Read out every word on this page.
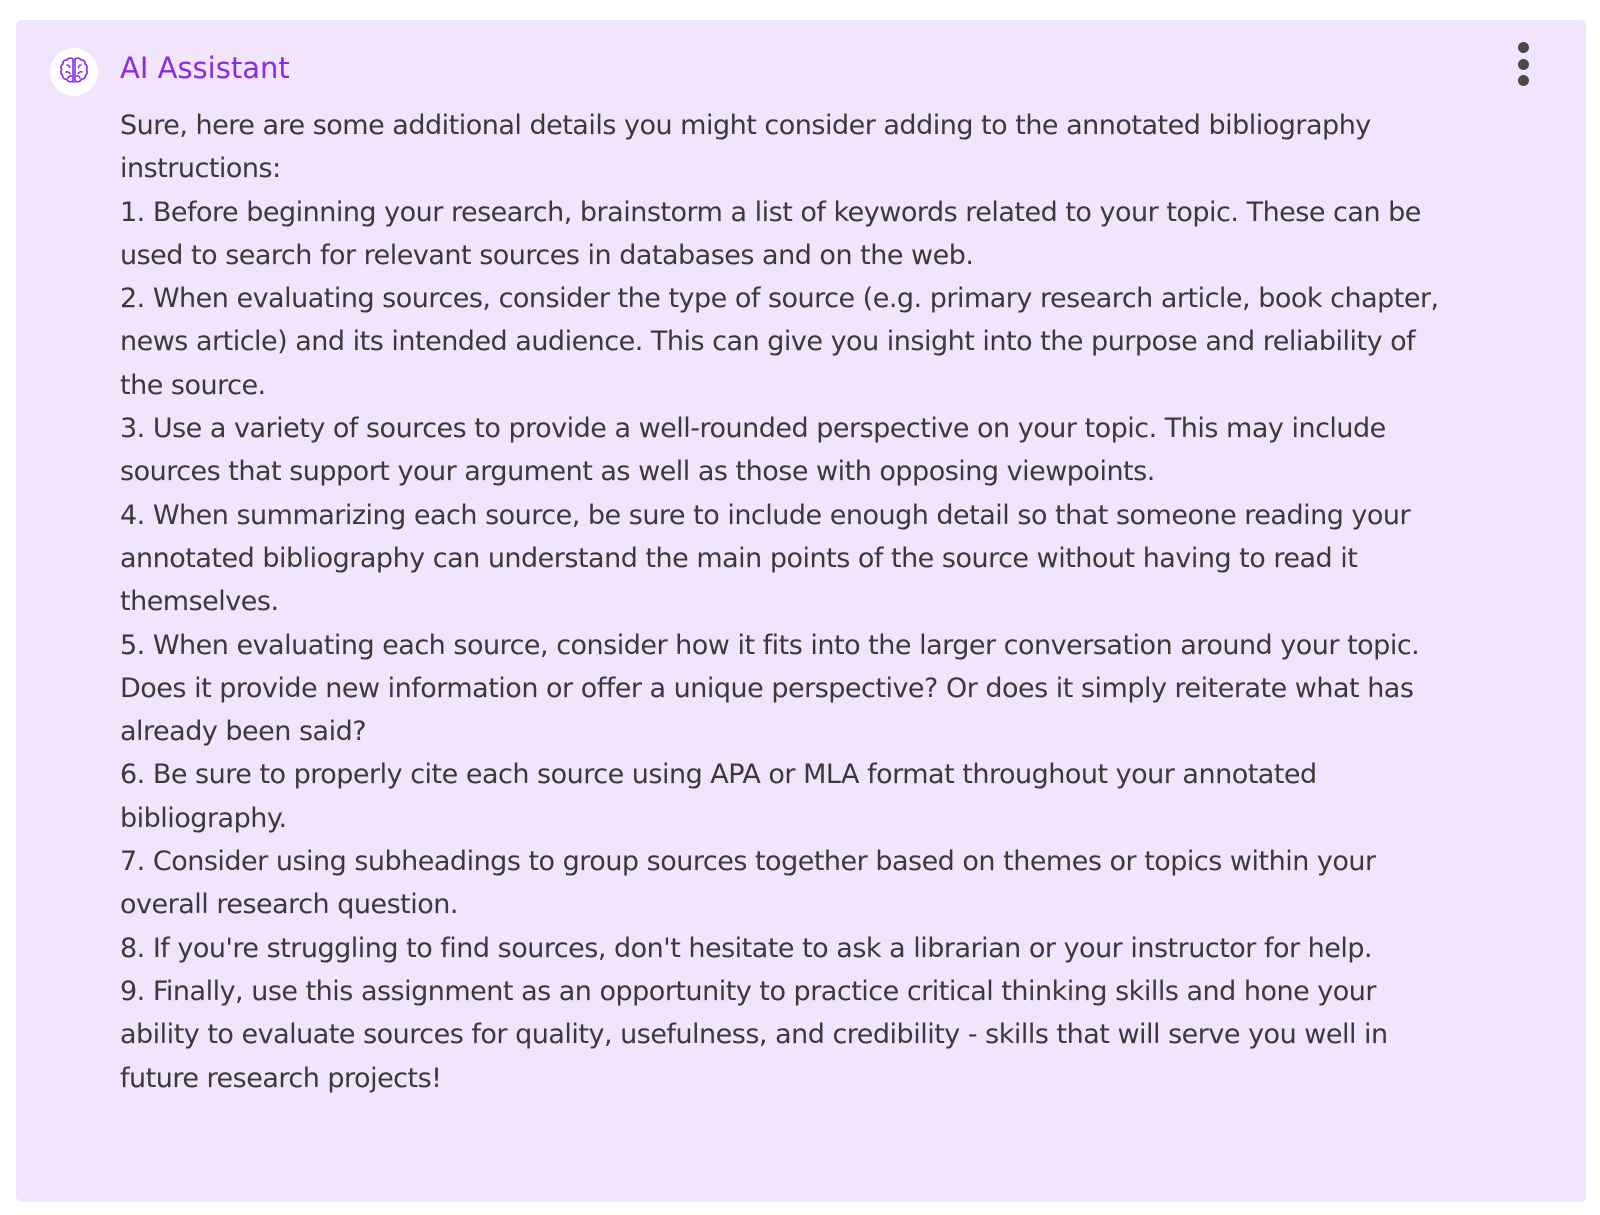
AI Assistant

Sure, here are some additional details you might consider adding to the annotated bibliography instructions:

1. Before beginning your research, brainstorm a list of keywords related to your topic. These can be used to search for relevant sources in databases and on the web.

2. When evaluating sources, consider the type of source (e.g. primary research article, book chapter, news article) and its intended audience. This can give you insight into the purpose and reliability of the source.

3. Use a variety of sources to provide a well-rounded perspective on your topic. This may include sources that support your argument as well as those with opposing viewpoints.

4. When summarizing each source, be sure to include enough detail so that someone reading your annotated bibliography can understand the main points of the source without having to read it themselves.

5. When evaluating each source, consider how it fits into the larger conversation around your topic. Does it provide new information or offer a unique perspective? Or does it simply reiterate what has already been said?

6. Be sure to properly cite each source using APA or MLA format throughout your annotated bibliography.

7. Consider using subheadings to group sources together based on themes or topics within your overall research question.

8. If you're struggling to find sources, don't hesitate to ask a librarian or your instructor for help.

9. Finally, use this assignment as an opportunity to practice critical thinking skills and hone your ability to evaluate sources for quality, usefulness, and credibility - skills that will serve you well in future research projects!
